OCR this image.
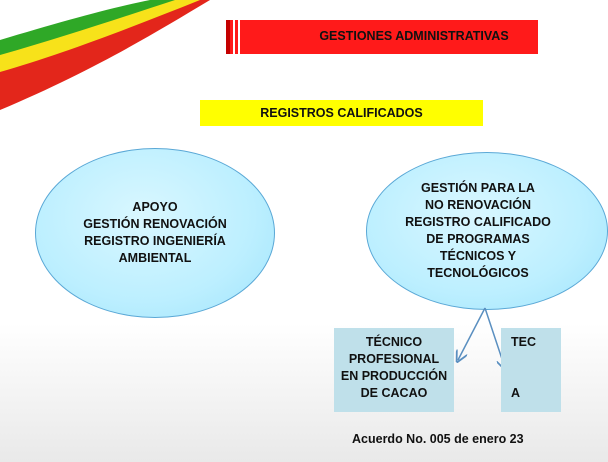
GESTIONES ADMINISTRATIVAS
REGISTROS CALIFICADOS
APOYO
GESTIÓN RENOVACIÓN
REGISTRO INGENIERÍA
AMBIENTAL
GESTIÓN PARA LA
NO RENOVACIÓN
REGISTRO CALIFICADO
DE PROGRAMAS
TÉCNICOS Y
TECNOLÓGICOS
TÉCNICO
PROFESIONAL
EN PRODUCCIÓN
DE CACAO
TEC

A
Acuerdo No. 005 de enero 23
